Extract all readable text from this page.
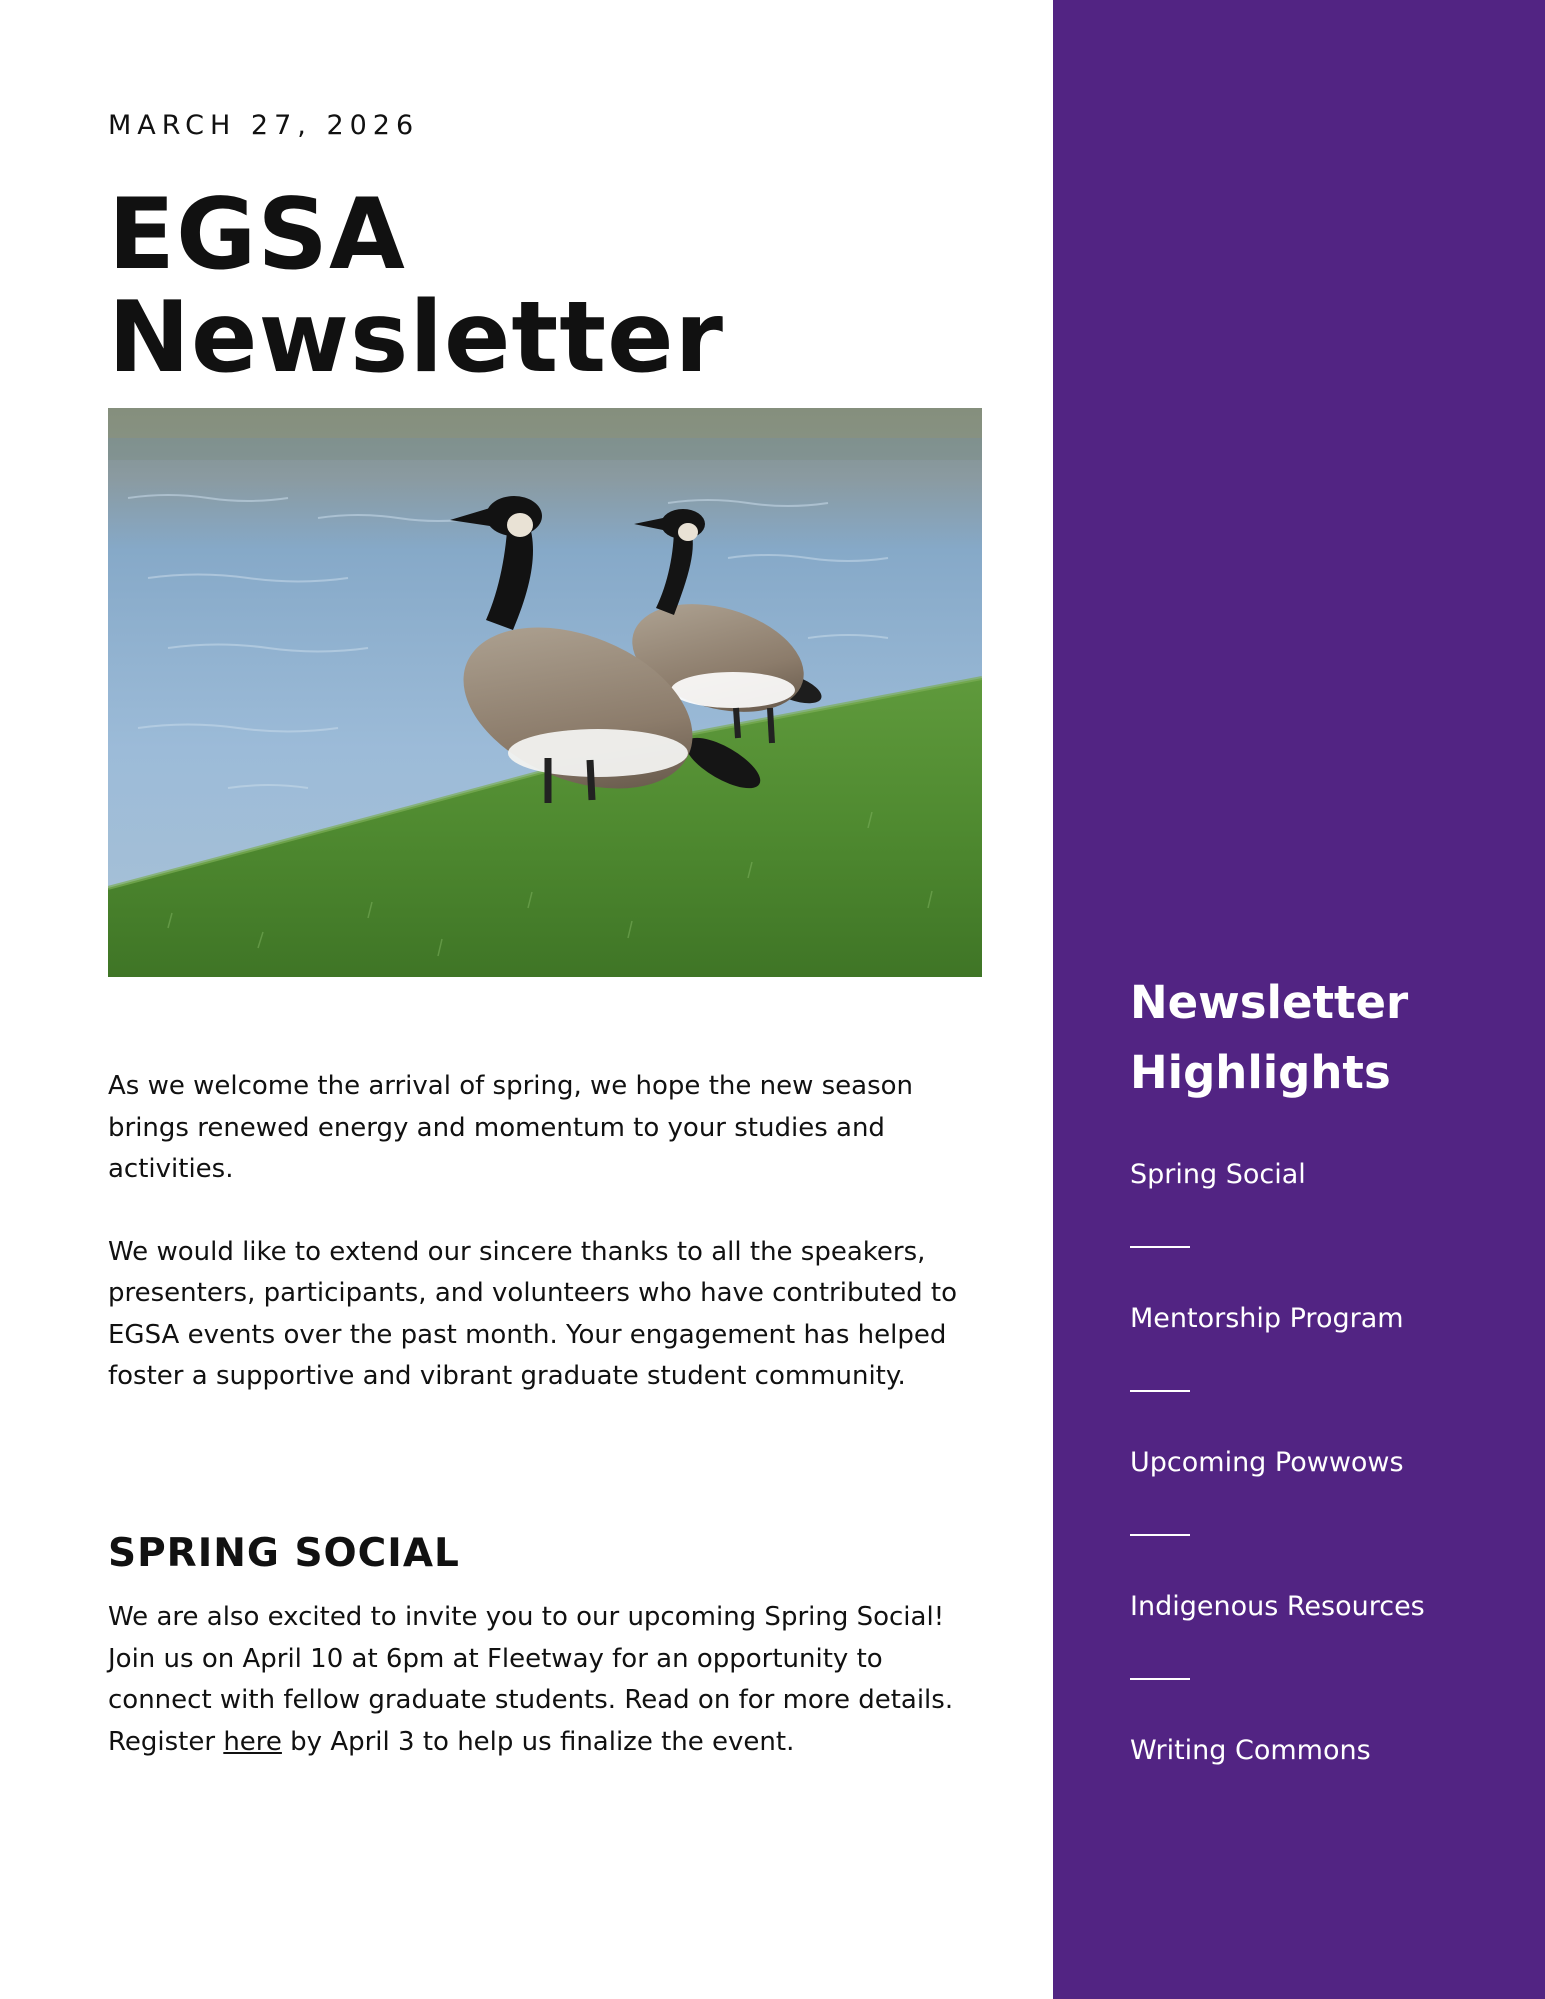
MARCH 27, 2026
EGSA
Newsletter

As we welcome the arrival of spring, we hope the new season brings renewed energy and momentum to your studies and activities.

We would like to extend our sincere thanks to all the speakers, presenters, participants, and volunteers who have contributed to EGSA events over the past month. Your engagement has helped foster a supportive and vibrant graduate student community.

SPRING SOCIAL

We are also excited to invite you to our upcoming Spring Social! Join us on April 10 at 6pm at Fleetway for an opportunity to connect with fellow graduate students. Read on for more details. Register here by April 3 to help us finalize the event.

Newsletter Highlights
Spring Social
Mentorship Program
Upcoming Powwows
Indigenous Resources
Writing Commons
